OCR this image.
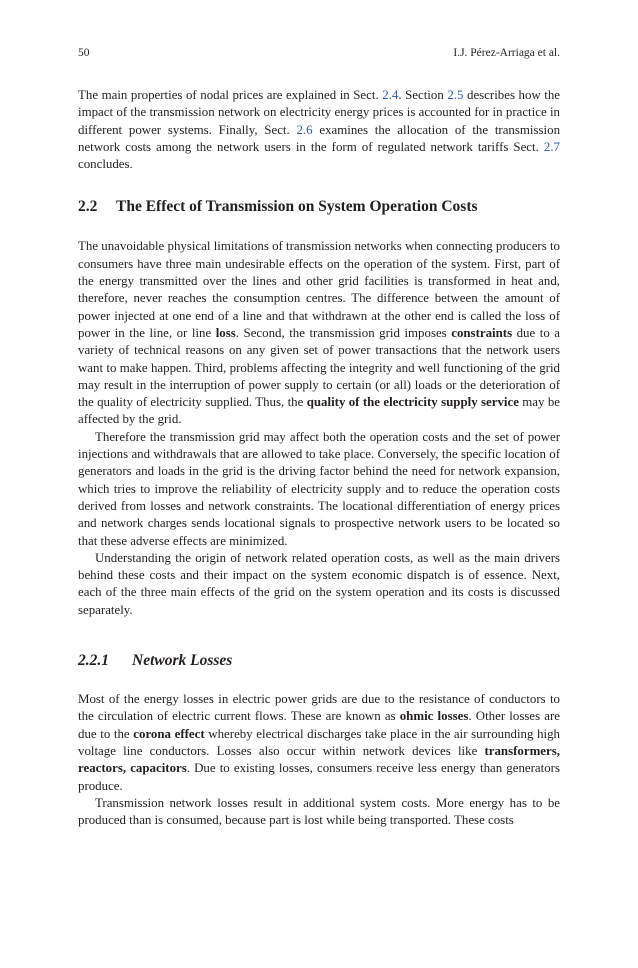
50	I.J. Pérez-Arriaga et al.

The main properties of nodal prices are explained in Sect. 2.4. Section 2.5 describes how the impact of the transmission network on electricity energy prices is accounted for in practice in different power systems. Finally, Sect. 2.6 examines the allocation of the transmission network costs among the network users in the form of regulated network tariffs Sect. 2.7 concludes.

2.2 The Effect of Transmission on System Operation Costs

The unavoidable physical limitations of transmission networks when connecting producers to consumers have three main undesirable effects on the operation of the system. First, part of the energy transmitted over the lines and other grid facilities is transformed in heat and, therefore, never reaches the consumption centres. The difference between the amount of power injected at one end of a line and that withdrawn at the other end is called the loss of power in the line, or line loss. Second, the transmission grid imposes constraints due to a variety of technical reasons on any given set of power transactions that the network users want to make happen. Third, problems affecting the integrity and well functioning of the grid may result in the interruption of power supply to certain (or all) loads or the deterioration of the quality of electricity supplied. Thus, the quality of the electricity supply service may be affected by the grid.

Therefore the transmission grid may affect both the operation costs and the set of power injections and withdrawals that are allowed to take place. Conversely, the specific location of generators and loads in the grid is the driving factor behind the need for network expansion, which tries to improve the reliability of electricity supply and to reduce the operation costs derived from losses and network constraints. The locational differentiation of energy prices and network charges sends locational signals to prospective network users to be located so that these adverse effects are minimized.

Understanding the origin of network related operation costs, as well as the main drivers behind these costs and their impact on the system economic dispatch is of essence. Next, each of the three main effects of the grid on the system operation and its costs is discussed separately.

2.2.1 Network Losses

Most of the energy losses in electric power grids are due to the resistance of conductors to the circulation of electric current flows. These are known as ohmic losses. Other losses are due to the corona effect whereby electrical discharges take place in the air surrounding high voltage line conductors. Losses also occur within network devices like transformers, reactors, capacitors. Due to existing losses, consumers receive less energy than generators produce.

Transmission network losses result in additional system costs. More energy has to be produced than is consumed, because part is lost while being transported. These costs
